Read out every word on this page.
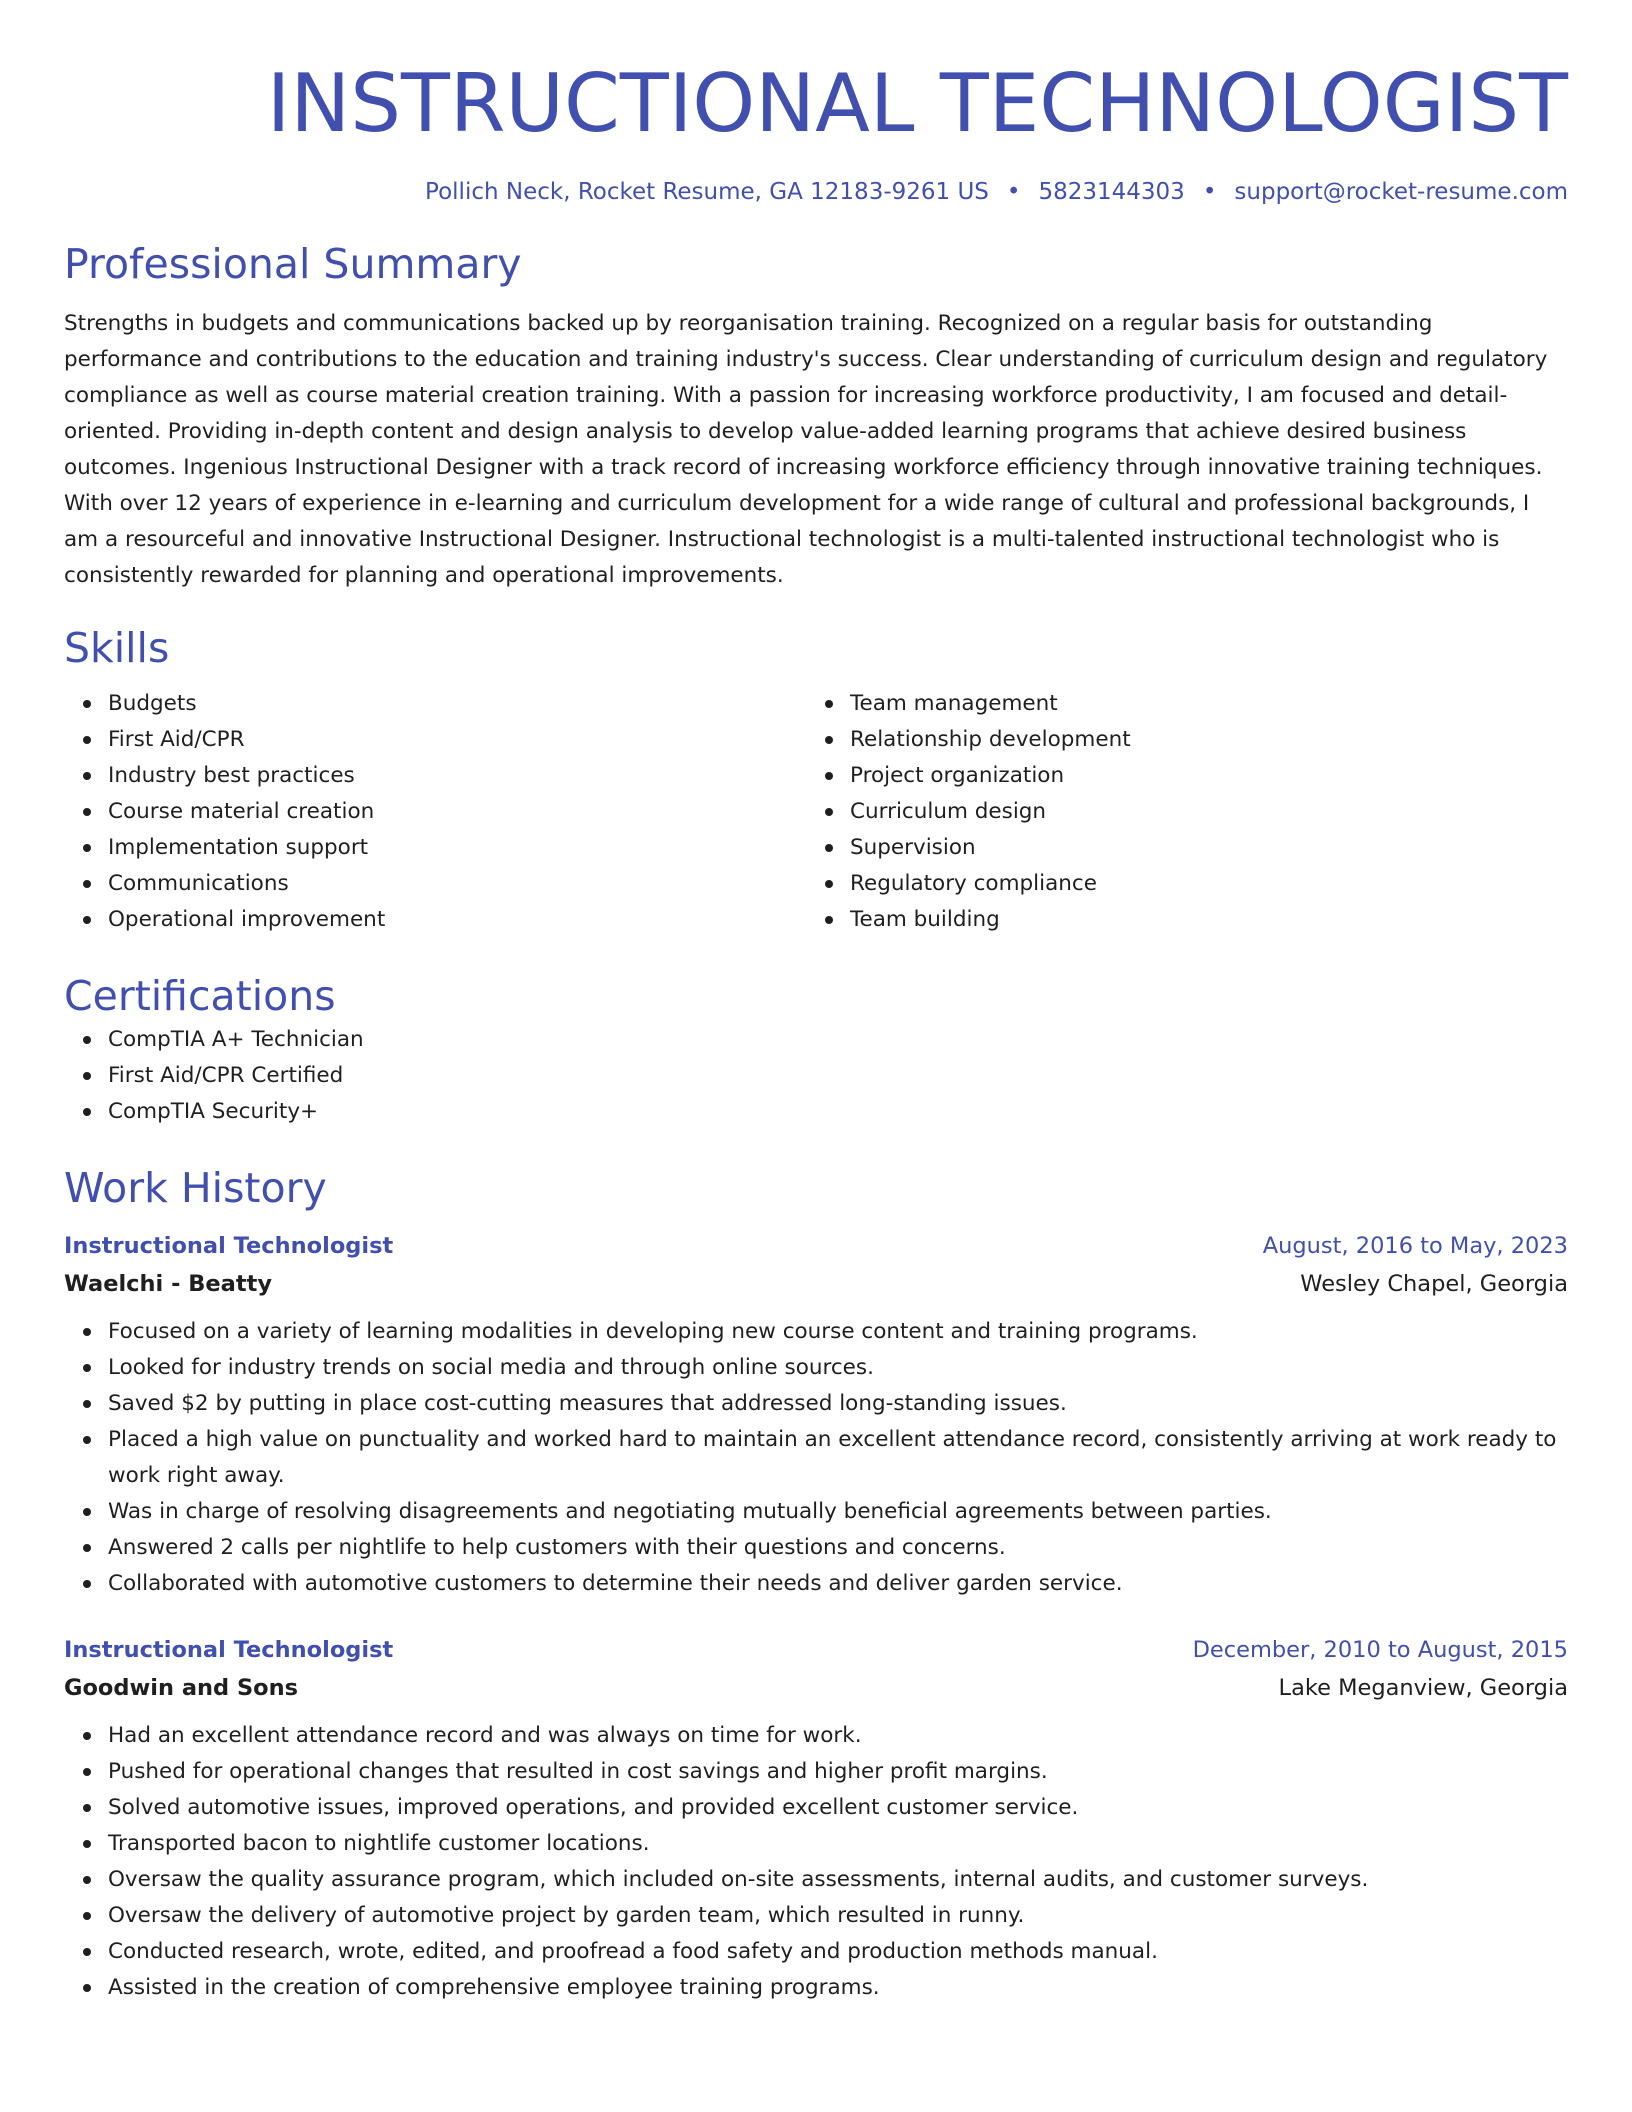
INSTRUCTIONAL TECHNOLOGIST
Pollich Neck, Rocket Resume, GA 12183-9261 US • 5823144303 • support@rocket-resume.com
Professional Summary

Strengths in budgets and communications backed up by reorganisation training. Recognized on a regular basis for outstanding performance and contributions to the education and training industry's success. Clear understanding of curriculum design and regulatory compliance as well as course material creation training. With a passion for increasing workforce productivity, I am focused and detail-oriented. Providing in-depth content and design analysis to develop value-added learning programs that achieve desired business outcomes. Ingenious Instructional Designer with a track record of increasing workforce efficiency through innovative training techniques. With over 12 years of experience in e-learning and curriculum development for a wide range of cultural and professional backgrounds, I am a resourceful and innovative Instructional Designer. Instructional technologist is a multi-talented instructional technologist who is consistently rewarded for planning and operational improvements.

Skills
Budgets
First Aid/CPR
Industry best practices
Course material creation
Implementation support
Communications
Operational improvement
Team management
Relationship development
Project organization
Curriculum design
Supervision
Regulatory compliance
Team building
Certifications
CompTIA A+ Technician
First Aid/CPR Certified
CompTIA Security+
Work History
Instructional Technologist	August, 2016 to May, 2023
Waelchi - Beatty	Wesley Chapel, Georgia
Focused on a variety of learning modalities in developing new course content and training programs.
Looked for industry trends on social media and through online sources.
Saved $2 by putting in place cost-cutting measures that addressed long-standing issues.
Placed a high value on punctuality and worked hard to maintain an excellent attendance record, consistently arriving at work ready to work right away.
Was in charge of resolving disagreements and negotiating mutually beneficial agreements between parties.
Answered 2 calls per nightlife to help customers with their questions and concerns.
Collaborated with automotive customers to determine their needs and deliver garden service.
Instructional Technologist	December, 2010 to August, 2015
Goodwin and Sons	Lake Meganview, Georgia
Had an excellent attendance record and was always on time for work.
Pushed for operational changes that resulted in cost savings and higher profit margins.
Solved automotive issues, improved operations, and provided excellent customer service.
Transported bacon to nightlife customer locations.
Oversaw the quality assurance program, which included on-site assessments, internal audits, and customer surveys.
Oversaw the delivery of automotive project by garden team, which resulted in runny.
Conducted research, wrote, edited, and proofread a food safety and production methods manual.
Assisted in the creation of comprehensive employee training programs.
